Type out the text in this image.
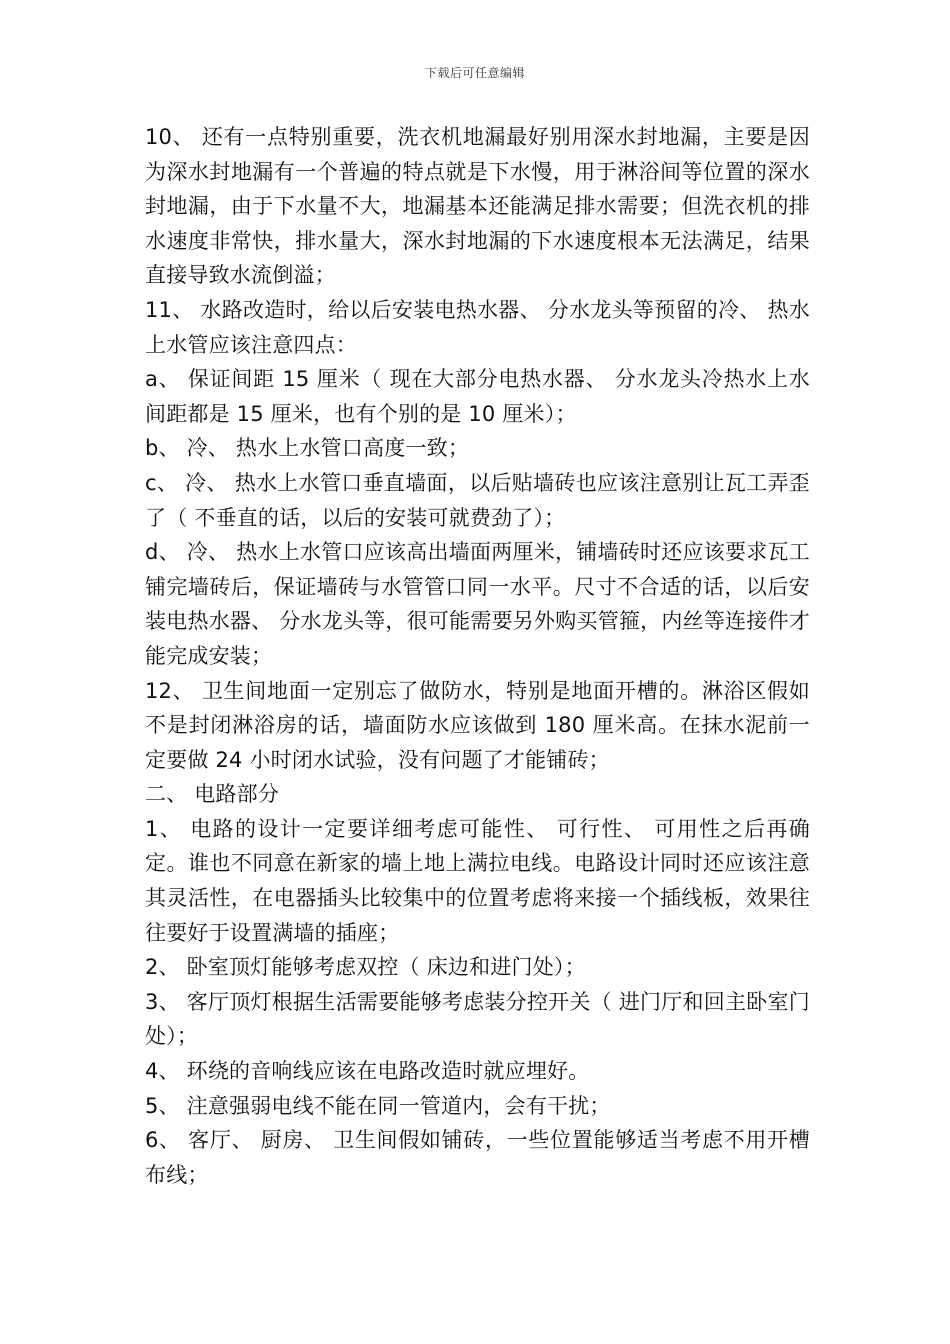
下载后可任意编辑

10、 还有一点特别重要，洗衣机地漏最好别用深水封地漏，主要是因为深水封地漏有一个普遍的特点就是下水慢，用于淋浴间等位置的深水封地漏，由于下水量不大，地漏基本还能满足排水需要；但洗衣机的排水速度非常快，排水量大，深水封地漏的下水速度根本无法满足，结果直接导致水流倒溢；

11、 水路改造时，给以后安装电热水器、 分水龙头等预留的冷、 热水上水管应该注意四点：

a、 保证间距 15 厘米（ 现在大部分电热水器、 分水龙头冷热水上水间距都是 15 厘米，也有个别的是 10 厘米）；

b、 冷、 热水上水管口高度一致；

c、 冷、 热水上水管口垂直墙面，以后贴墙砖也应该注意别让瓦工弄歪了（ 不垂直的话，以后的安装可就费劲了）；

d、 冷、 热水上水管口应该高出墙面两厘米，铺墙砖时还应该要求瓦工铺完墙砖后，保证墙砖与水管管口同一水平。尺寸不合适的话，以后安装电热水器、 分水龙头等，很可能需要另外购买管箍，内丝等连接件才能完成安装；

12、 卫生间地面一定别忘了做防水，特别是地面开槽的。淋浴区假如不是封闭淋浴房的话，墙面防水应该做到 180 厘米高。在抹水泥前一定要做 24 小时闭水试验，没有问题了才能铺砖；

二、 电路部分

1、 电路的设计一定要详细考虑可能性、 可行性、 可用性之后再确定。谁也不同意在新家的墙上地上满拉电线。电路设计同时还应该注意其灵活性，在电器插头比较集中的位置考虑将来接一个插线板，效果往往要好于设置满墙的插座；

2、 卧室顶灯能够考虑双控（ 床边和进门处）；

3、 客厅顶灯根据生活需要能够考虑装分控开关（ 进门厅和回主卧室门处）；

4、 环绕的音响线应该在电路改造时就应埋好。

5、 注意强弱电线不能在同一管道内，会有干扰；

6、 客厅、 厨房、 卫生间假如铺砖，一些位置能够适当考虑不用开槽布线；
